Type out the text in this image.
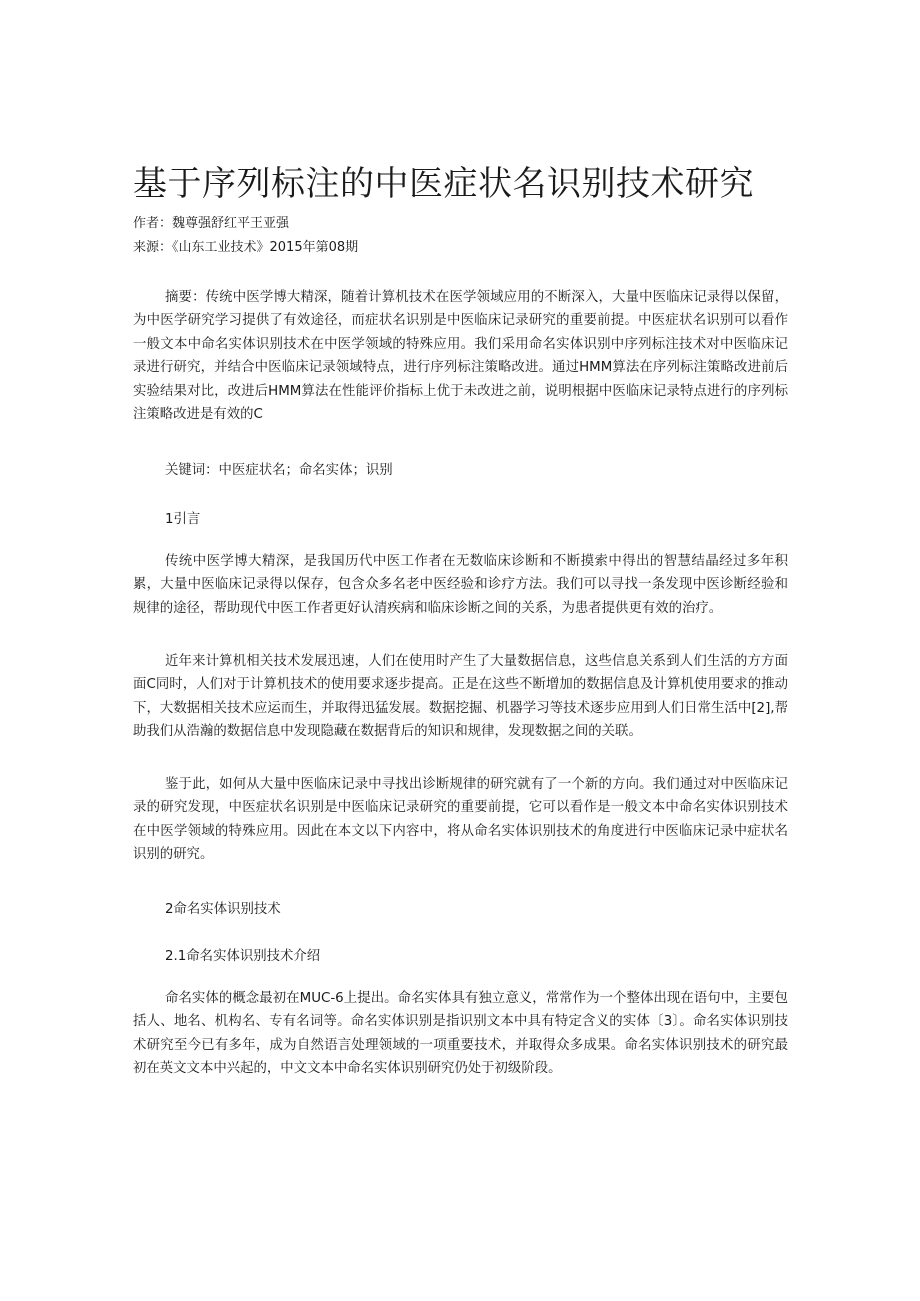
基于序列标注的中医症状名识别技术研究

作者：魏尊强舒红平王亚强

来源：《山东工业技术》2015年第08期

摘要：传统中医学博大精深，随着计算机技术在医学领域应用的不断深入，大量中医临床记录得以保留，为中医学研究学习提供了有效途径，而症状名识别是中医临床记录研究的重要前提。中医症状名识别可以看作一般文本中命名实体识别技术在中医学领域的特殊应用。我们采用命名实体识别中序列标注技术对中医临床记录进行研究，并结合中医临床记录领域特点，进行序列标注策略改进。通过HMM算法在序列标注策略改进前后实验结果对比，改进后HMM算法在性能评价指标上优于未改进之前，说明根据中医临床记录特点进行的序列标注策略改进是有效的C

关键词：中医症状名；命名实体；识别

1引言

传统中医学博大精深，是我国历代中医工作者在无数临床诊断和不断摸索中得出的智慧结晶经过多年积累，大量中医临床记录得以保存，包含众多名老中医经验和诊疗方法。我们可以寻找一条发现中医诊断经验和规律的途径，帮助现代中医工作者更好认清疾病和临床诊断之间的关系，为患者提供更有效的治疗。

近年来计算机相关技术发展迅速，人们在使用时产生了大量数据信息，这些信息关系到人们生活的方方面面C同时，人们对于计算机技术的使用要求逐步提高。正是在这些不断增加的数据信息及计算机使用要求的推动下，大数据相关技术应运而生，并取得迅猛发展。数据挖掘、机器学习等技术逐步应用到人们日常生活中[2],帮助我们从浩瀚的数据信息中发现隐藏在数据背后的知识和规律，发现数据之间的关联。

鉴于此，如何从大量中医临床记录中寻找出诊断规律的研究就有了一个新的方向。我们通过对中医临床记录的研究发现，中医症状名识别是中医临床记录研究的重要前提，它可以看作是一般文本中命名实体识别技术在中医学领域的特殊应用。因此在本文以下内容中，将从命名实体识别技术的角度进行中医临床记录中症状名识别的研究。

2命名实体识别技术

2.1命名实体识别技术介绍

命名实体的概念最初在MUC-6上提出。命名实体具有独立意义，常常作为一个整体出现在语句中，主要包括人、地名、机构名、专有名词等。命名实体识别是指识别文本中具有特定含义的实体〔3〕。命名实体识别技术研究至今已有多年，成为自然语言处理领域的一项重要技术，并取得众多成果。命名实体识别技术的研究最初在英文文本中兴起的，中文文本中命名实体识别研究仍处于初级阶段。
